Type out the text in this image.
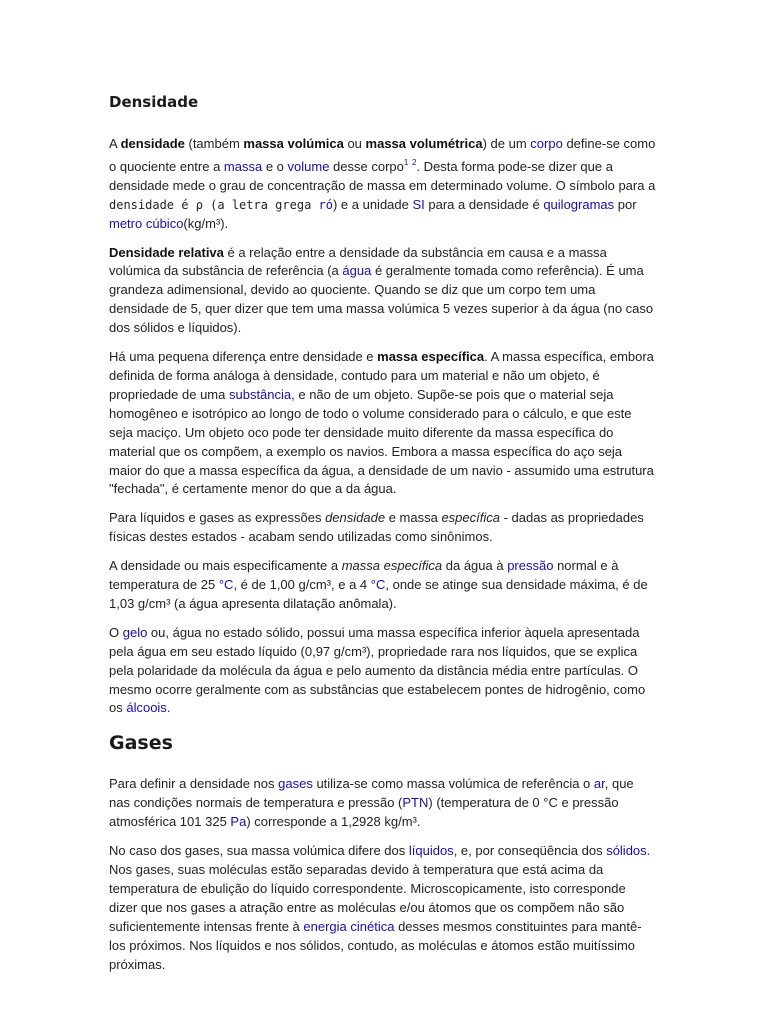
Densidade

A densidade (também massa volúmica ou massa volumétrica) de um corpo define-se como o quociente entre a massa e o volume desse corpo$^1$ $^2$. Desta forma pode-se dizer que a densidade mede o grau de concentração de massa em determinado volume. O símbolo para a densidade é ρ (a letra grega ró) e a unidade SI para a densidade é quilogramas por metro cúbico(kg/m³).

Densidade relativa é a relação entre a densidade da substância em causa e a massa volúmica da substância de referência (a água é geralmente tomada como referência). É uma grandeza adimensional, devido ao quociente. Quando se diz que um corpo tem uma densidade de 5, quer dizer que tem uma massa volúmica 5 vezes superior à da água (no caso dos sólidos e líquidos).

Há uma pequena diferença entre densidade e massa específica. A massa específica, embora definida de forma análoga à densidade, contudo para um material e não um objeto, é propriedade de uma substância, e não de um objeto. Supõe-se pois que o material seja homogêneo e isotrópico ao longo de todo o volume considerado para o cálculo, e que este seja maciço. Um objeto oco pode ter densidade muito diferente da massa específica do material que os compõem, a exemplo os navios. Embora a massa específica do aço seja maior do que a massa específica da água, a densidade de um navio - assumido uma estrutura "fechada", é certamente menor do que a da água.

Para líquidos e gases as expressões densidade e massa específica - dadas as propriedades físicas destes estados - acabam sendo utilizadas como sinônimos.

A densidade ou mais especificamente a massa específica da água à pressão normal e à temperatura de 25 °C, é de 1,00 g/cm³, e a 4 °C, onde se atinge sua densidade máxima, é de 1,03 g/cm³ (a água apresenta dilatação anômala).

O gelo ou, água no estado sólido, possui uma massa específica inferior àquela apresentada pela água em seu estado líquido (0,97 g/cm³), propriedade rara nos líquidos, que se explica pela polaridade da molécula da água e pelo aumento da distância média entre partículas. O mesmo ocorre geralmente com as substâncias que estabelecem pontes de hidrogênio, como os álcoois.

Gases

Para definir a densidade nos gases utiliza-se como massa volúmica de referência o ar, que nas condições normais de temperatura e pressão (PTN) (temperatura de 0 °C e pressão atmosférica 101 325 Pa) corresponde a 1,2928 kg/m³.

No caso dos gases, sua massa volúmica difere dos líquidos, e, por conseqüência dos sólidos. Nos gases, suas moléculas estão separadas devido à temperatura que está acima da temperatura de ebulição do líquido correspondente. Microscopicamente, isto corresponde dizer que nos gases a atração entre as moléculas e/ou átomos que os compõem não são suficientemente intensas frente à energia cinética desses mesmos constituintes para mantê-los próximos. Nos líquidos e nos sólidos, contudo, as moléculas e átomos estão muitíssimo próximas.
